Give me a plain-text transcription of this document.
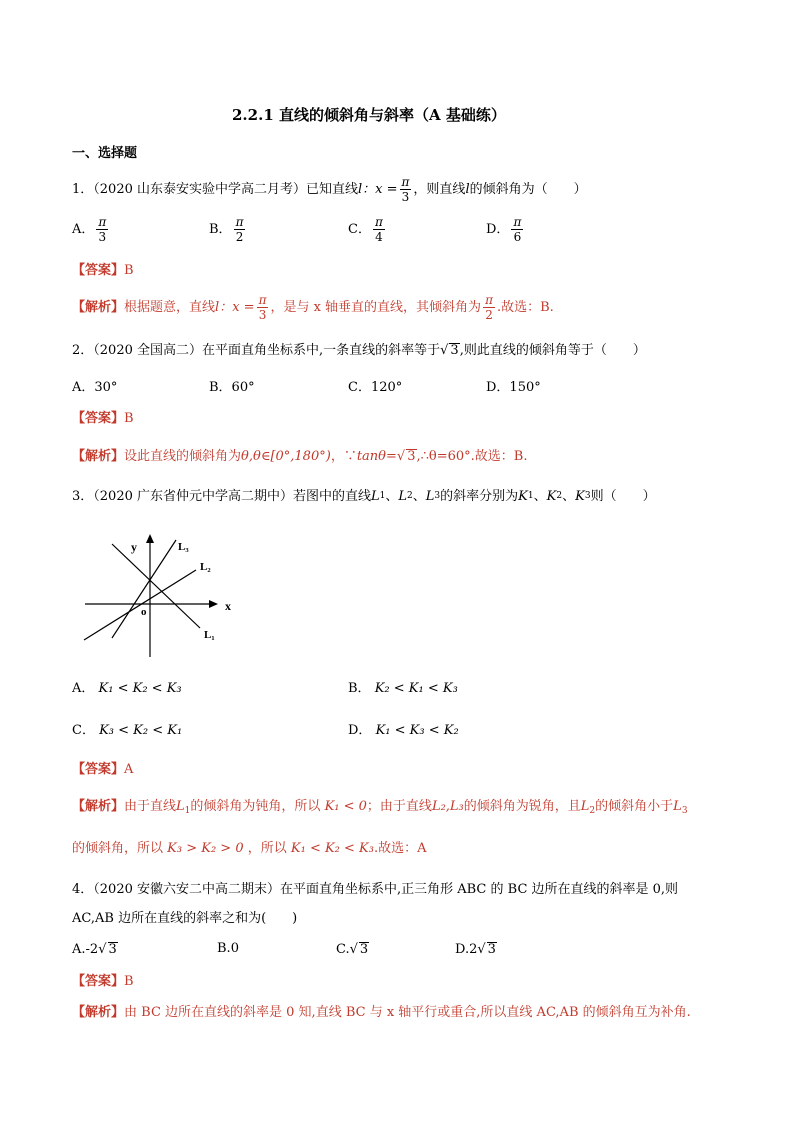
2.2.1 直线的倾斜角与斜率（A 基础练）
一、选择题
1．（2020 山东泰安实验中学高二月考）已知直线 l ：$x = \frac{\pi}{3}$ ，则直线 l 的倾斜角为（　　）
A． $\frac{\pi}{3}$	B． $\frac{\pi}{2}$	C． $\frac{\pi}{4}$	D． $\frac{\pi}{6}$
【答案】B
【解析】 根据题意，直线 l ：$x = \frac{\pi}{3}$ ，是与 x 轴垂直的直线，其倾斜角为 $\frac{\pi}{2}$ .故选：B.
2．（2020 全国高二）在平面直角坐标系中,一条直线的斜率等于 √ 3 ,则此直线的倾斜角等于（　　）
A．30°	B．60°	C．120°	D．150°
【答案】B
【解析】 设此直线的倾斜角为 θ,θ∈[0°,180°) ，∵ tanθ = √ 3 ,∴θ=60°.故选：B.
3．（2020 广东省仲元中学高二期中）若图中的直线 L 1 、 L 2 、 L 3 的斜率分别为 K 1 、 K 2 、 K 3 则（　　）
y
x
o
L₃
L₂
L₁
A． K₁ < K₂ < K₃	B． K₂ < K₁ < K₃
C． K₃ < K₂ < K₁	D． K₁ < K₃ < K₂
【答案】A
【解析】由于直线$L_1$的倾斜角为钝角，所以 K₁ < 0；由于直线L₂,L₃的倾斜角为锐角，且$L_2$的倾斜角小于$L_3$
的倾斜角，所以 K₃ > K₂ > 0 ，所以 K₁ < K₂ < K₃.故选：A
4．（2020 安徽六安二中高二期末）在平面直角坐标系中,正三角形 ABC 的 BC 边所在直线的斜率是 0,则
AC,AB 边所在直线的斜率之和为(　　)
A. -2 √ 3	B. 0	C. √ 3	D. 2 √ 3
【答案】B
【解析】由 BC 边所在直线的斜率是 0 知,直线 BC 与 x 轴平行或重合,所以直线 AC,AB 的倾斜角互为补角.
